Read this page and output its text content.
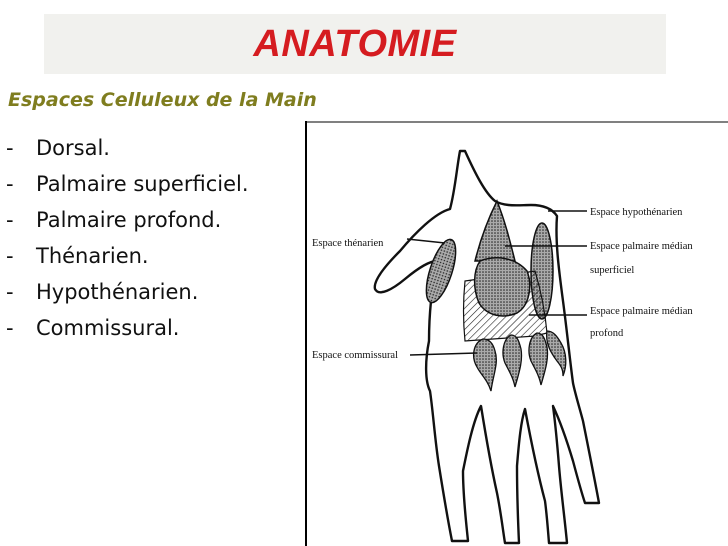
ANATOMIE
Espaces Celluleux de la Main
- Dorsal.
- Palmaire superficiel.
- Palmaire profond.
- Thénarien.
- Hypothénarien.
- Commissural.
Espace thénarien
Espace commissural
Espace hypothénarien
Espace palmaire médian
superficiel
Espace palmaire médian
profond
